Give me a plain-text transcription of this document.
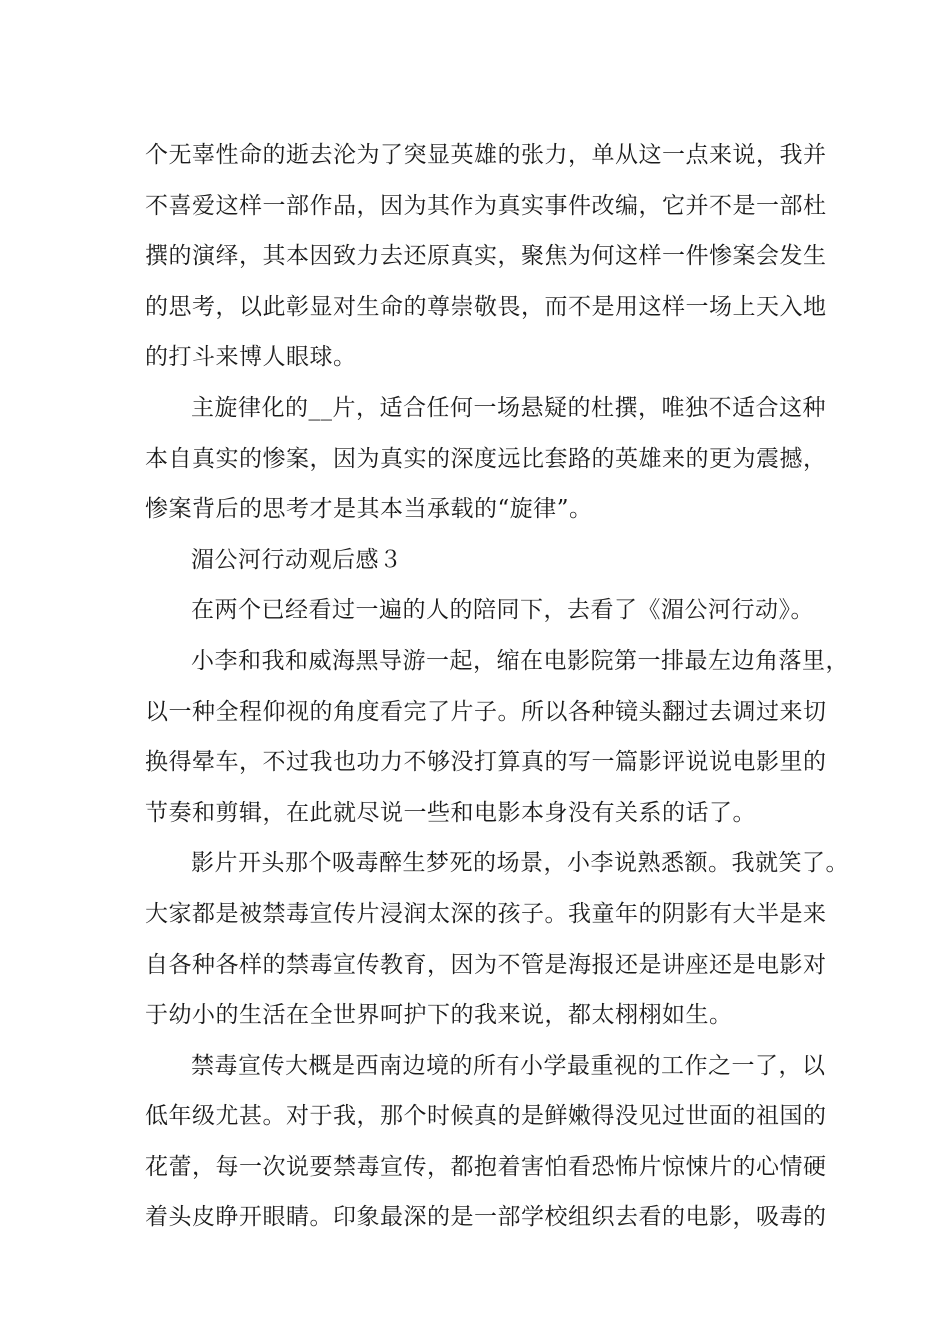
个无辜性命的逝去沦为了突显英雄的张力，单从这一点来说，我并
不喜爱这样一部作品，因为其作为真实事件改编，它并不是一部杜
撰的演绎，其本因致力去还原真实，聚焦为何这样一件惨案会发生
的思考，以此彰显对生命的尊崇敬畏，而不是用这样一场上天入地
的打斗来博人眼球。
主旋律化的__片，适合任何一场悬疑的杜撰，唯独不适合这种
本自真实的惨案，因为真实的深度远比套路的英雄来的更为震撼，
惨案背后的思考才是其本当承载的“旋律”。
湄公河行动观后感３
在两个已经看过一遍的人的陪同下，去看了《湄公河行动》。
小李和我和威海黑导游一起，缩在电影院第一排最左边角落里，
以一种全程仰视的角度看完了片子。所以各种镜头翻过去调过来切
换得晕车，不过我也功力不够没打算真的写一篇影评说说电影里的
节奏和剪辑，在此就尽说一些和电影本身没有关系的话了。
影片开头那个吸毒醉生梦死的场景，小李说熟悉额。我就笑了。
大家都是被禁毒宣传片浸润太深的孩子。我童年的阴影有大半是来
自各种各样的禁毒宣传教育，因为不管是海报还是讲座还是电影对
于幼小的生活在全世界呵护下的我来说，都太栩栩如生。
禁毒宣传大概是西南边境的所有小学最重视的工作之一了，以
低年级尤甚。对于我，那个时候真的是鲜嫩得没见过世面的祖国的
花蕾，每一次说要禁毒宣传，都抱着害怕看恐怖片惊悚片的心情硬
着头皮睁开眼睛。印象最深的是一部学校组织去看的电影，吸毒的
